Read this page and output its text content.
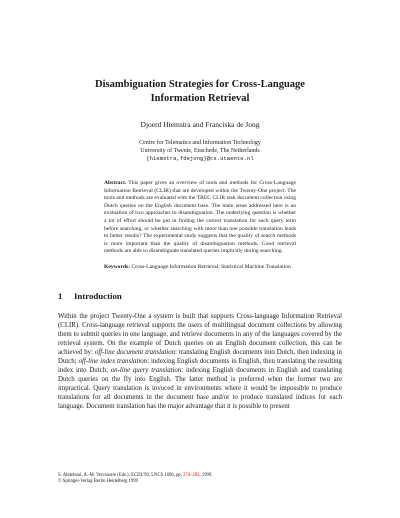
Disambiguation Strategies for Cross-Language
Information Retrieval
Djoerd Hiemstra and Franciska de Jong
Centre for Telematics and Information Technology
University of Twente, Enschede, The Netherlands
{hiemstra,fdejong}@cs.utwente.nl
Abstract. This paper gives an overview of tools and methods for Cross-Language Information Retrieval (CLIR) that are developed within the Twenty-One project. The tools and methods are evaluated with the TREC CLIR task document collection using Dutch queries on the English document base. The main issue addressed here is an evaluation of two approaches to disambiguation. The underlying question is whether a lot of effort should be put in finding the correct translation for each query term before searching, or whether searching with more than one possible translation leads to better results? The experimental study suggests that the quality of search methods is more important than the quality of disambiguation methods. Good retrieval methods are able to disambiguate translated queries implicitly during searching.
Keywords: Cross-Language Information Retrieval; Statistical Machine Translation
1 Introduction
Within the project Twenty-One a system is built that supports Cross-language Information Retrieval (CLIR). Cross-language retrieval supports the users of multilingual document collections by allowing them to submit queries in one language, and retrieve documents in any of the languages covered by the retrieval system. On the example of Dutch queries on an English document collection, this can be achieved by: off-line document translation: translating English documents into Dutch, then indexing in Dutch; off-line index translation: indexing English documents in English, then translating the resulting index into Dutch; on-line query translation: indexing English documents in English and translating Dutch queries on the fly into English. The latter method is preferred when the former two are impractical. Query translation is invoced in environments where it would be impossible to produce translations for all documents in the document base and/or to produce translated indices for each language. Document translation has the major advantage that it is possible to present
S. Abiteboul, A.-M. Vercoustre (Eds.): ECDL'99, LNCS 1696, pp. 274–293, 1999.
© Springer-Verlag Berlin Heidelberg 1999
